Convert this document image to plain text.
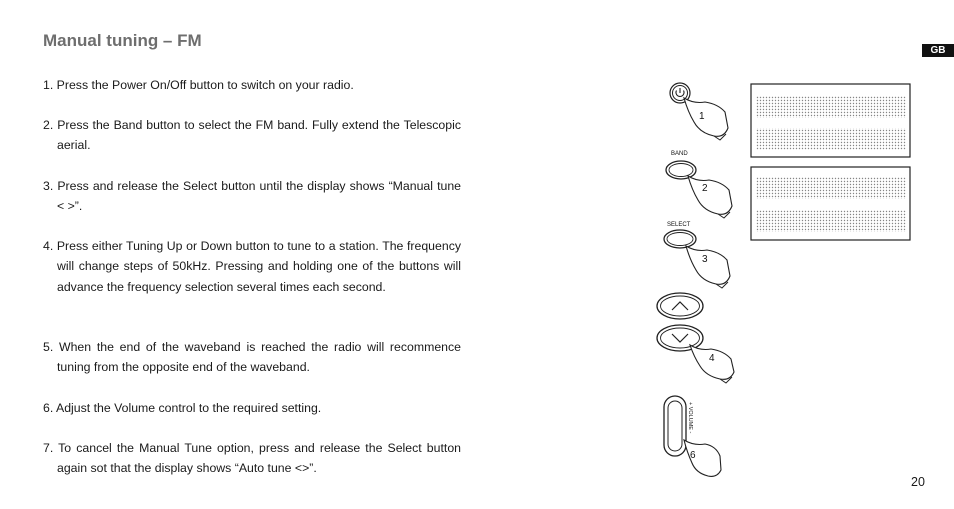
Manual tuning – FM
GB
1. Press the Power On/Off button to switch on your radio.
2. Press the Band button to select the FM band. Fully extend the Telescopic aerial.
3. Press and release the Select button until the display shows “Manual tune < >”.
4. Press either Tuning Up or Down button to tune to a station. The frequency will change steps of 50kHz. Pressing and holding one of the buttons will advance the frequency selection several times each second.
5. When the end of the waveband is reached the radio will recommence tuning from the opposite end of the waveband.
6. Adjust the Volume control to the required setting.
7. To cancel the Manual Tune option, press and release the Select button again sot that the display shows “Auto tune <>”.
1
BAND
2
SELECT
3
4
+ VOLUME -
6
20
